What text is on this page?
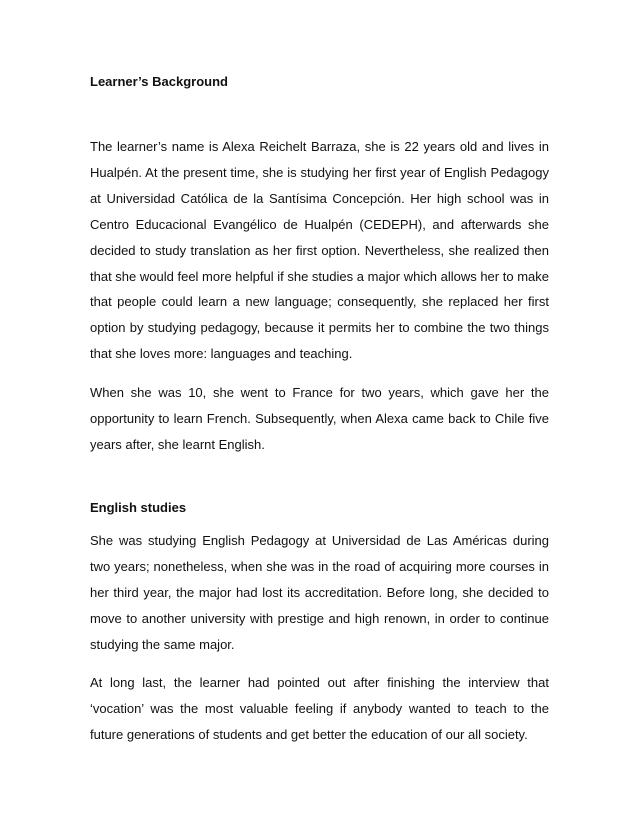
Learner’s Background

The learner’s name is Alexa Reichelt Barraza, she is 22 years old and lives in Hualpén. At the present time, she is studying her first year of English Pedagogy at Universidad Católica de la Santísima Concepción. Her high school was in Centro Educacional Evangélico de Hualpén (CEDEPH), and afterwards she decided to study translation as her first option. Nevertheless, she realized then that she would feel more helpful if she studies a major which allows her to make that people could learn a new language; consequently, she replaced her first option by studying pedagogy, because it permits her to combine the two things that she loves more: languages and teaching.

When she was 10, she went to France for two years, which gave her the opportunity to learn French. Subsequently, when Alexa came back to Chile five years after, she learnt English.

English studies

She was studying English Pedagogy at Universidad de Las Américas during two years; nonetheless, when she was in the road of acquiring more courses in her third year, the major had lost its accreditation. Before long, she decided to move to another university with prestige and high renown, in order to continue studying the same major.

At long last, the learner had pointed out after finishing the interview that ‘vocation’ was the most valuable feeling if anybody wanted to teach to the future generations of students and get better the education of our all society.
